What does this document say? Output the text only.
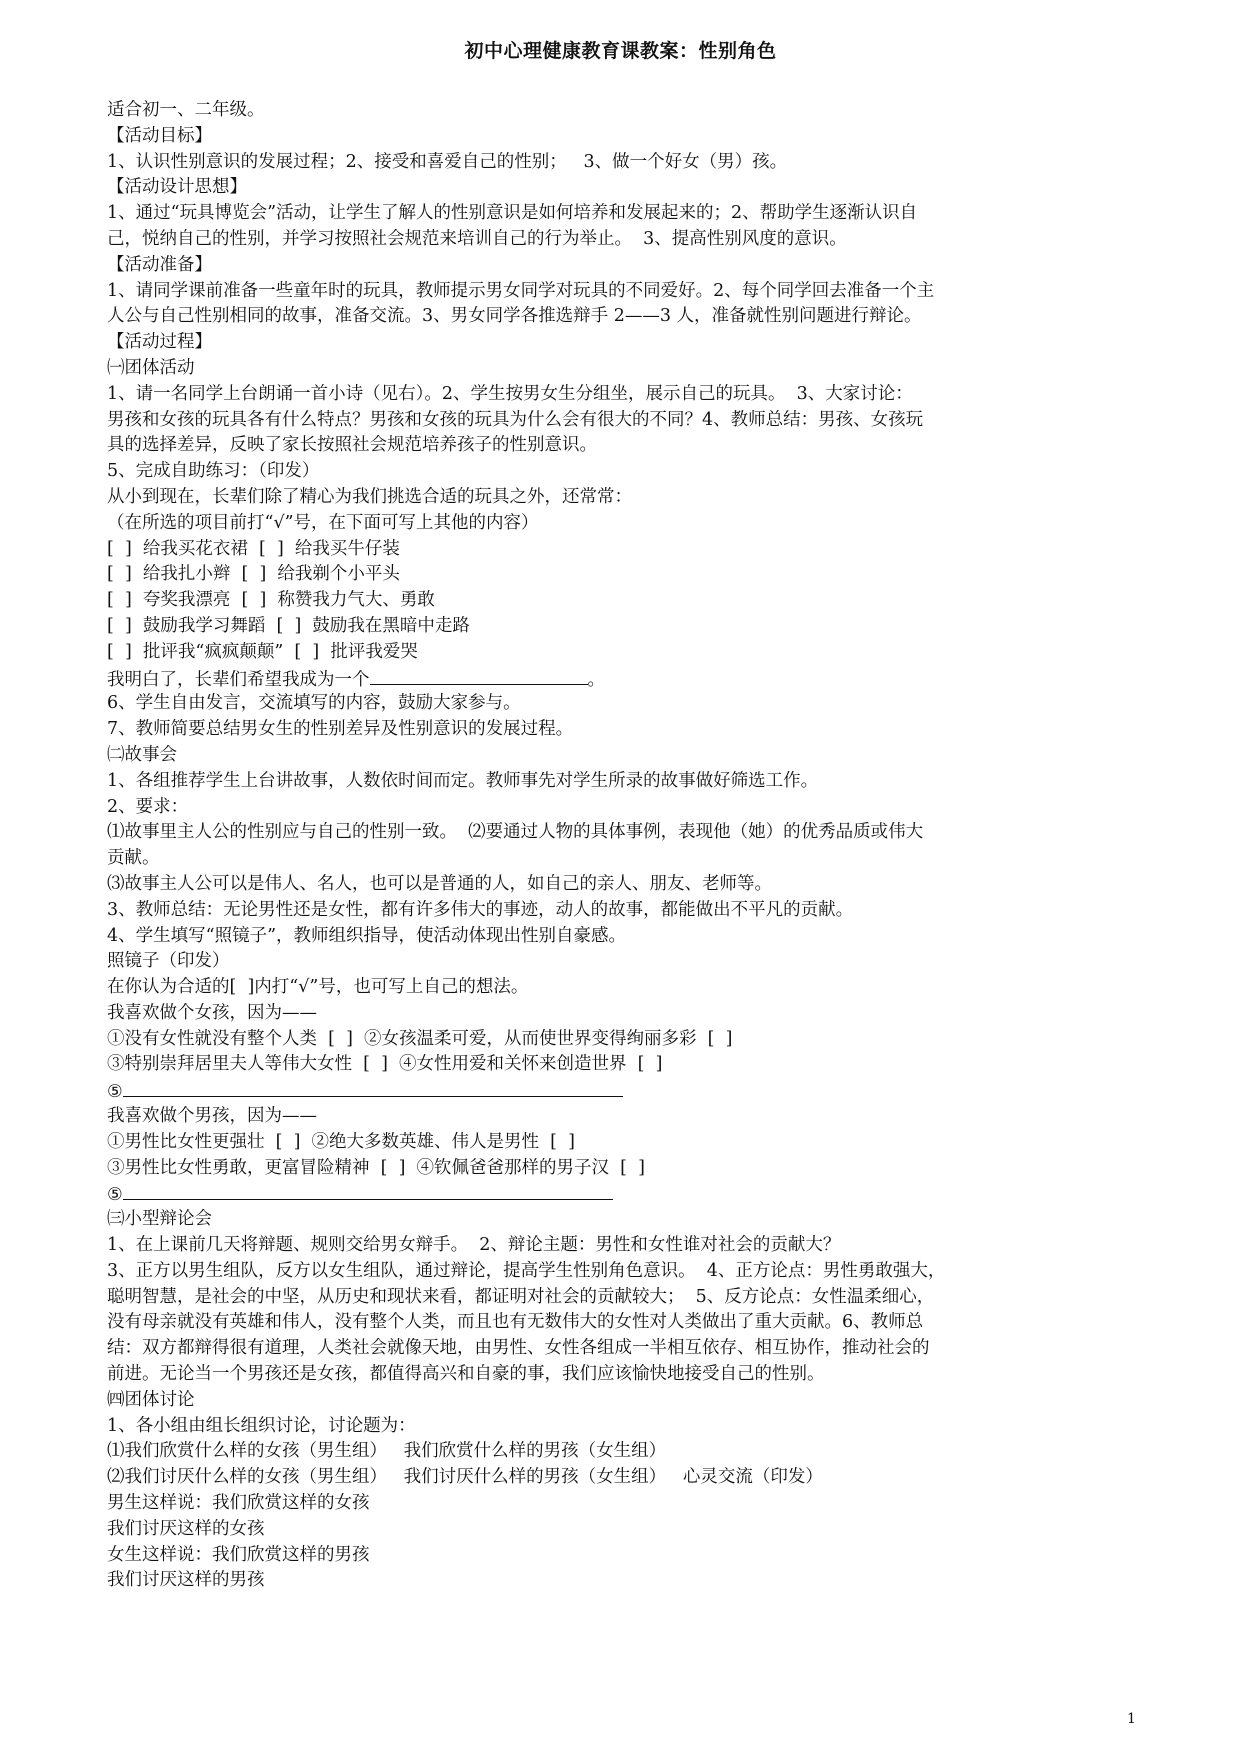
初中心理健康教育课教案：性别角色
适合初一、二年级。
【活动目标】
1、认识性别意识的发展过程；2、接受和喜爱自己的性别；   3、做一个好女（男）孩。
【活动设计思想】
1、通过“玩具博览会”活动，让学生了解人的性别意识是如何培养和发展起来的；2、帮助学生逐渐认识自
己，悦纳自己的性别，并学习按照社会规范来培训自己的行为举止。  3、提高性别风度的意识。
【活动准备】
1、请同学课前准备一些童年时的玩具，教师提示男女同学对玩具的不同爱好。2、每个同学回去准备一个主
人公与自己性别相同的故事，准备交流。3、男女同学各推选辩手 2——3 人，准备就性别问题进行辩论。
【活动过程】
㈠团体活动
1、请一名同学上台朗诵一首小诗（见右）。2、学生按男女生分组坐，展示自己的玩具。  3、大家讨论：
男孩和女孩的玩具各有什么特点？男孩和女孩的玩具为什么会有很大的不同？4、教师总结：男孩、女孩玩
具的选择差异，反映了家长按照社会规范培养孩子的性别意识。
5、完成自助练习：（印发）
从小到现在，长辈们除了精心为我们挑选合适的玩具之外，还常常：
（在所选的项目前打“√”号，在下面可写上其他的内容）
[  ]  给我买花衣裙  [  ]  给我买牛仔装
[  ]  给我扎小辫  [  ]  给我剃个小平头
[  ]  夸奖我漂亮  [  ]  称赞我力气大、勇敢
[  ]  鼓励我学习舞蹈  [  ]  鼓励我在黑暗中走路
[  ]  批评我“疯疯颠颠”  [  ]  批评我爱哭
我明白了，长辈们希望我成为一个	。
6、学生自由发言，交流填写的内容，鼓励大家参与。
7、教师简要总结男女生的性别差异及性别意识的发展过程。
㈡故事会
1、各组推荐学生上台讲故事，人数依时间而定。教师事先对学生所录的故事做好筛选工作。
2、要求：
⑴故事里主人公的性别应与自己的性别一致。  ⑵要通过人物的具体事例，表现他（她）的优秀品质或伟大
贡献。
⑶故事主人公可以是伟人、名人，也可以是普通的人，如自己的亲人、朋友、老师等。
3、教师总结：无论男性还是女性，都有许多伟大的事迹，动人的故事，都能做出不平凡的贡献。
4、学生填写“照镜子”，教师组织指导，使活动体现出性别自豪感。
照镜子（印发）
在你认为合适的[  ]内打“√”号，也可写上自己的想法。
我喜欢做个女孩，因为——
①没有女性就没有整个人类  [  ]  ②女孩温柔可爱，从而使世界变得绚丽多彩  [  ]
③特别崇拜居里夫人等伟大女性  [  ]  ④女性用爱和关怀来创造世界  [  ]
⑤
我喜欢做个男孩，因为——
①男性比女性更强壮  [  ]  ②绝大多数英雄、伟人是男性  [  ]
③男性比女性勇敢，更富冒险精神  [  ]  ④钦佩爸爸那样的男子汉  [  ]
⑤
㈢小型辩论会
1、在上课前几天将辩题、规则交给男女辩手。  2、辩论主题：男性和女性谁对社会的贡献大？
3、正方以男生组队，反方以女生组队，通过辩论，提高学生性别角色意识。  4、正方论点：男性勇敢强大，
聪明智慧，是社会的中坚，从历史和现状来看，都证明对社会的贡献较大；  5、反方论点：女性温柔细心，
没有母亲就没有英雄和伟人，没有整个人类，而且也有无数伟大的女性对人类做出了重大贡献。6、教师总
结：双方都辩得很有道理，人类社会就像天地，由男性、女性各组成一半相互依存、相互协作，推动社会的
前进。无论当一个男孩还是女孩，都值得高兴和自豪的事，我们应该愉快地接受自己的性别。
㈣团体讨论
1、各小组由组长组织讨论，讨论题为：
⑴我们欣赏什么样的女孩（男生组）   我们欣赏什么样的男孩（女生组）
⑵我们讨厌什么样的女孩（男生组）   我们讨厌什么样的男孩（女生组）   心灵交流（印发）
男生这样说：我们欣赏这样的女孩
我们讨厌这样的女孩
女生这样说：我们欣赏这样的男孩
我们讨厌这样的男孩
1
